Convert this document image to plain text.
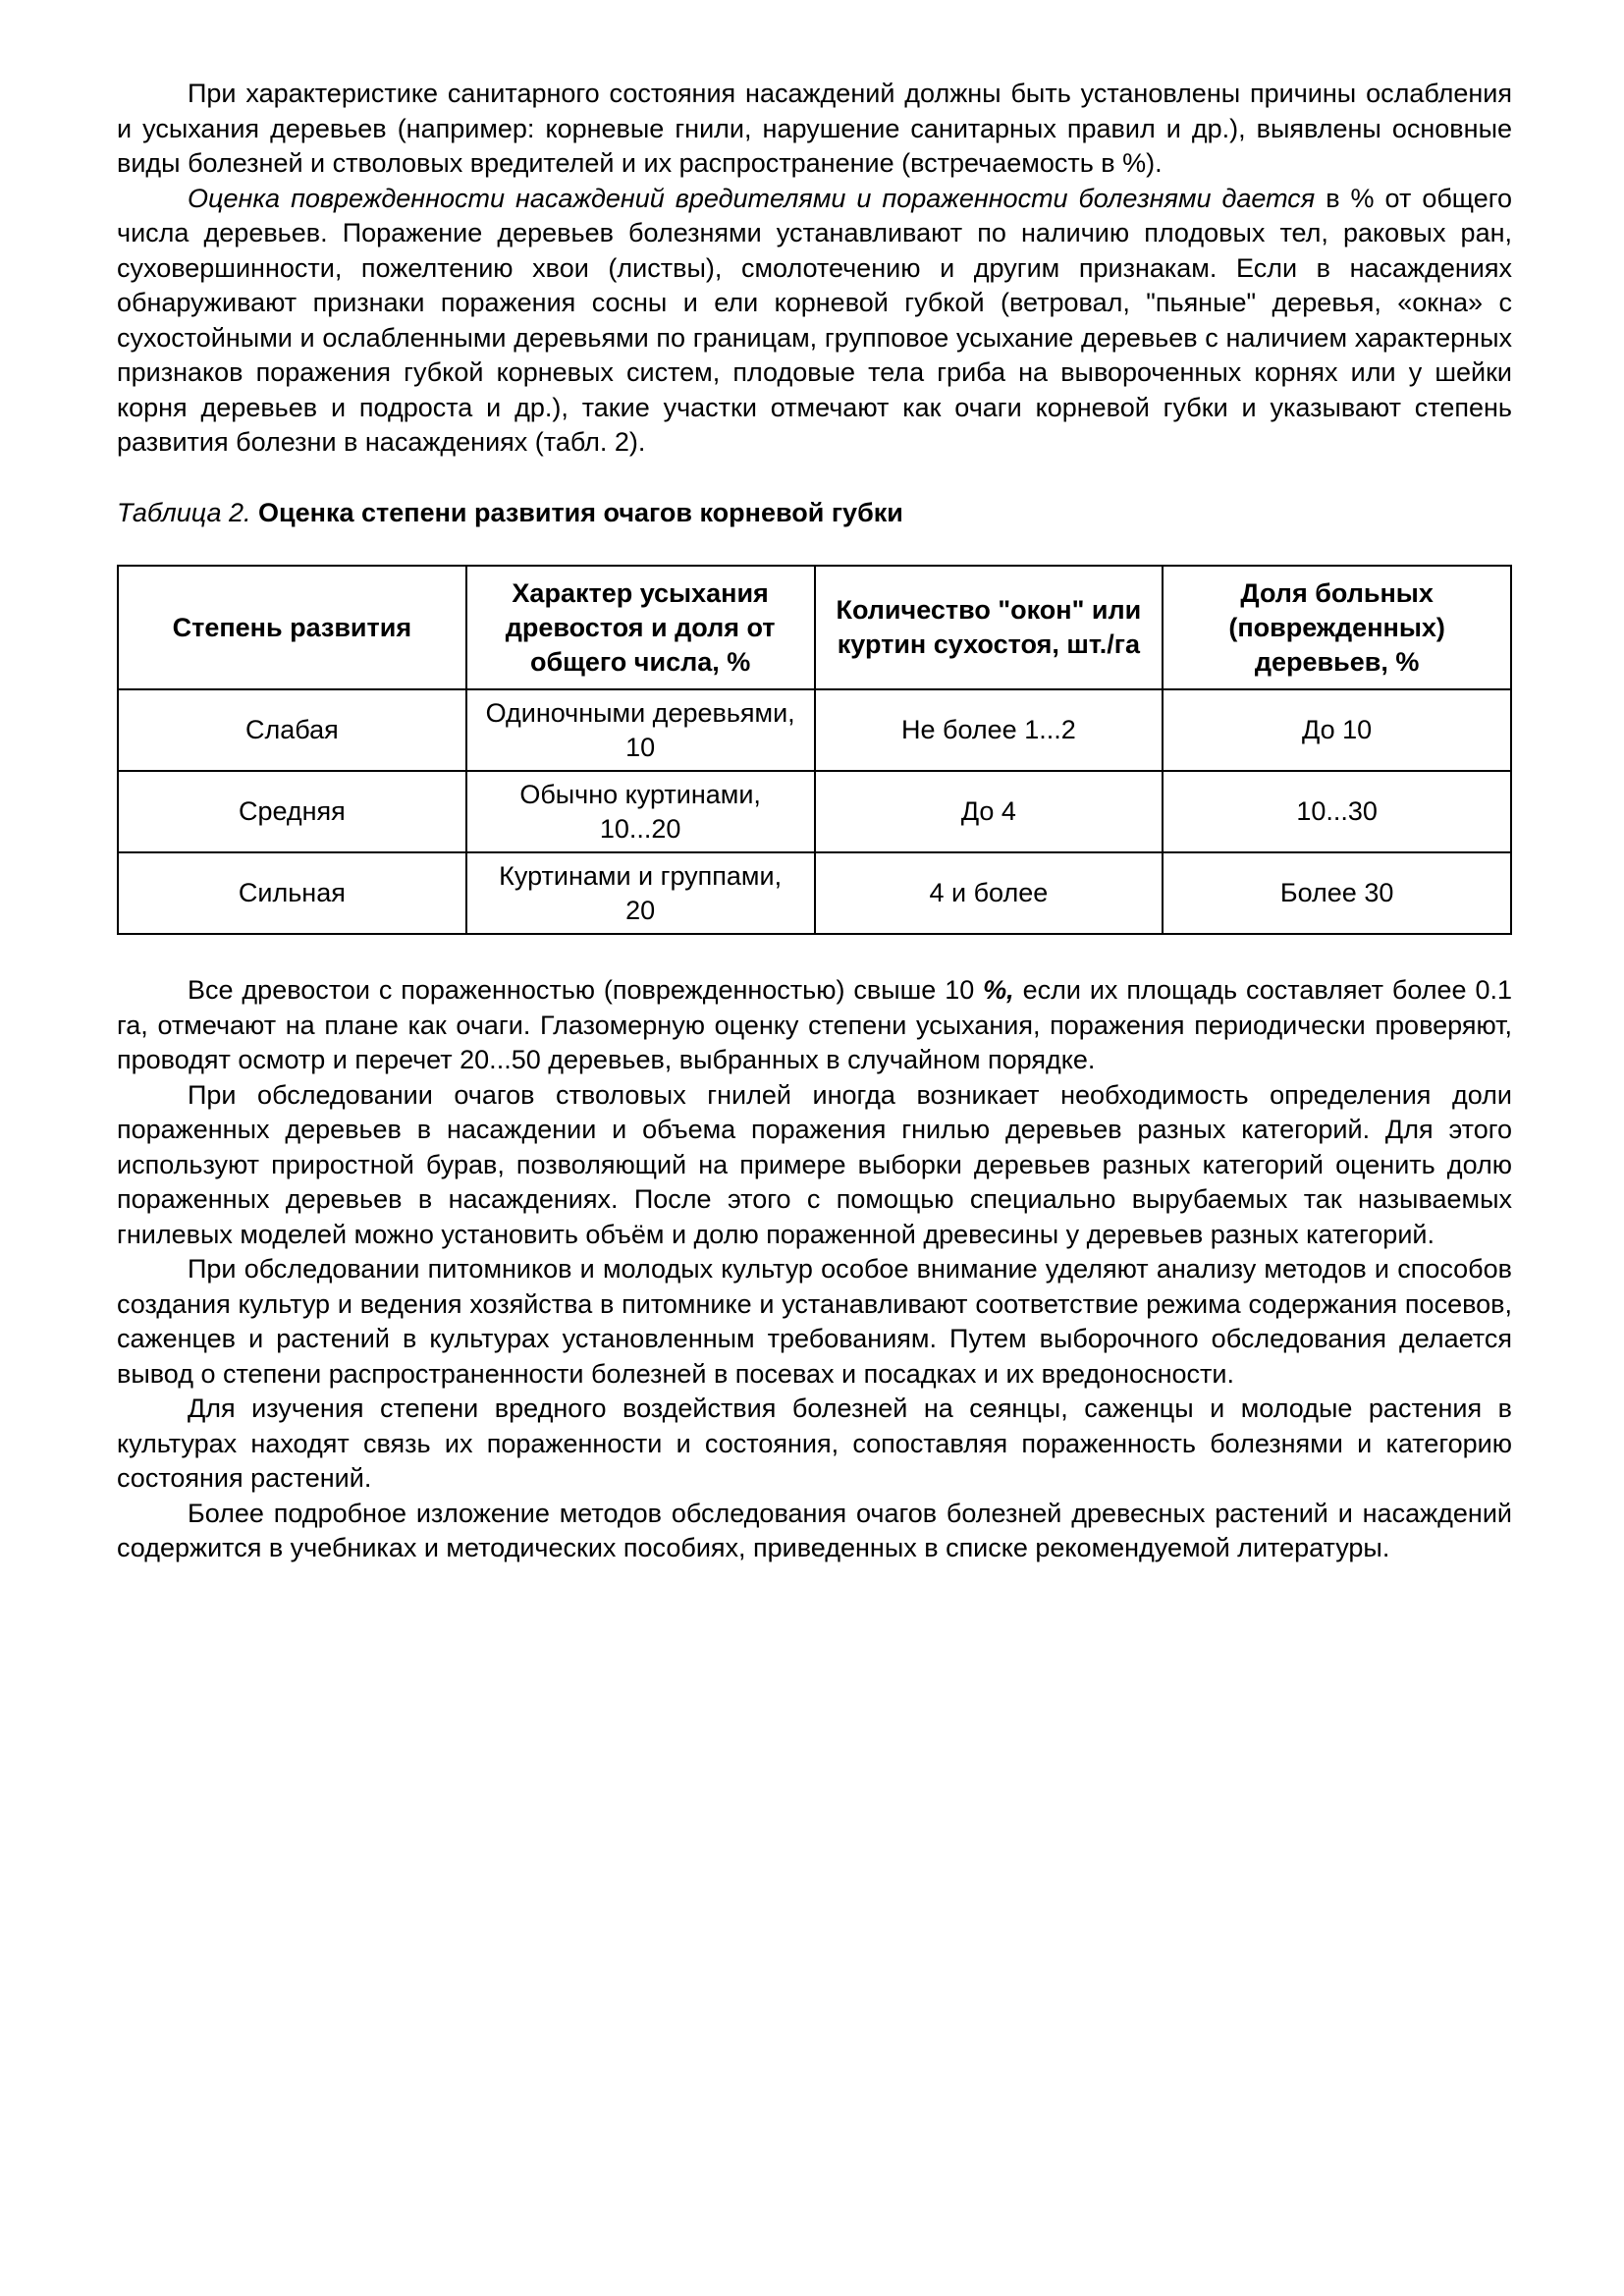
При характеристике санитарного состояния насаждений должны быть установлены причины ослабления и усыхания деревьев (например: корневые гнили, нарушение санитарных правил и др.), выявлены основные виды болезней и стволовых вредителей и их распространение (встречаемость в %).

Оценка поврежденности насаждений вредителями и пораженности болезнями дается в % от общего числа деревьев. Поражение деревьев болезнями устанавливают по наличию плодовых тел, раковых ран, суховершинности, пожелтению хвои (листвы), смолотечению и другим признакам. Если в насаждениях обнаруживают признаки поражения сосны и ели корневой губкой (ветровал, "пьяные" деревья, «окна» с сухостойными и ослабленными деревьями по границам, групповое усыхание деревьев с наличием характерных признаков поражения губкой корневых систем, плодовые тела гриба на вывороченных корнях или у шейки корня деревьев и подроста и др.), такие участки отмечают как очаги корневой губки и указывают степень развития болезни в насаждениях (табл. 2).

Таблица 2. Оценка степени развития очагов корневой губки

Степень развития	Характер усыхания древостоя и доля от общего числа, %	Количество "окон" или куртин сухостоя, шт./га	Доля больных (поврежденных) деревьев, %
Слабая	Одиночными деревьями, 10	Не более 1...2	До 10
Средняя	Обычно куртинами, 10...20	До 4	10...30
Сильная	Куртинами и группами, 20	4 и более	Более 30

Все древостои с пораженностью (поврежденностью) свыше 10 %, если их площадь составляет более 0.1 га, отмечают на плане как очаги. Глазомерную оценку степени усыхания, поражения периодически проверяют, проводят осмотр и перечет 20...50 деревьев, выбранных в случайном порядке.

При обследовании очагов стволовых гнилей иногда возникает необходимость определения доли пораженных деревьев в насаждении и объема поражения гнилью деревьев разных категорий. Для этого используют приростной бурав, позволяющий на примере выборки деревьев разных категорий оценить долю пораженных деревьев в насаждениях. После этого с помощью специально вырубаемых так называемых гнилевых моделей можно установить объём и долю пораженной древесины у деревьев разных категорий.

При обследовании питомников и молодых культур особое внимание уделяют анализу методов и способов создания культур и ведения хозяйства в питомнике и устанавливают соответствие режима содержания посевов, саженцев и растений в культурах установленным требованиям. Путем выборочного обследования делается вывод о степени распространенности болезней в посевах и посадках и их вредоносности.

Для изучения степени вредного воздействия болезней на сеянцы, саженцы и молодые растения в культурах находят связь их пораженности и состояния, сопоставляя пораженность болезнями и категорию состояния растений.

Более подробное изложение методов обследования очагов болезней древесных растений и насаждений содержится в учебниках и методических пособиях, приведенных в списке рекомендуемой литературы.
